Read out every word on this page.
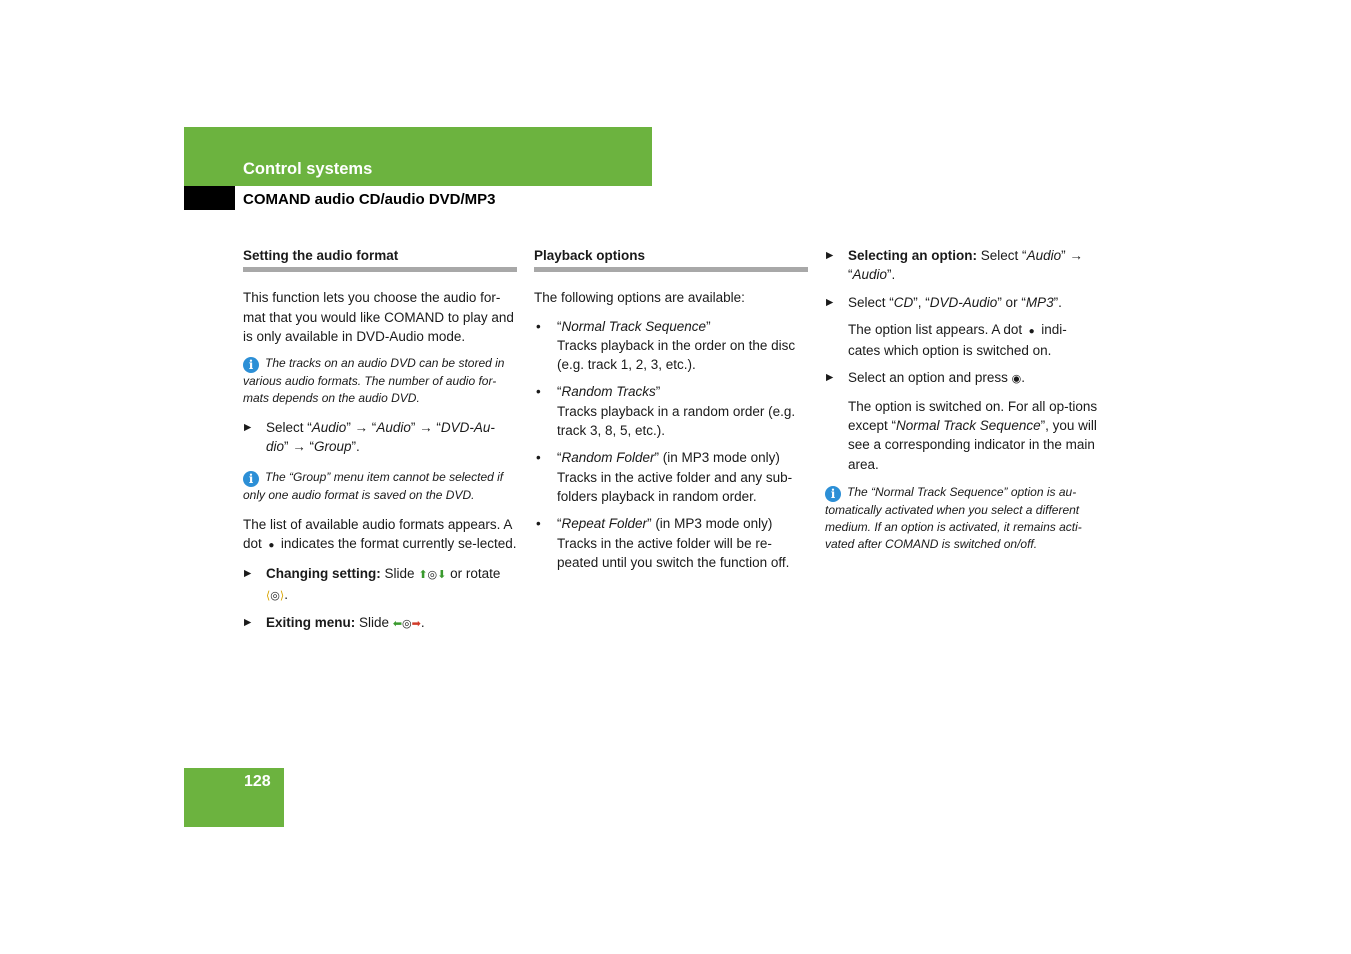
Control systems
COMAND audio CD/audio DVD/MP3
Setting the audio format

This function lets you choose the audio for-mat that you would like COMAND to play and is only available in DVD-Audio mode.

i The tracks on an audio DVD can be stored in various audio formats. The number of audio for-mats depends on the audio DVD.

▶ Select “Audio” → “Audio” → “DVD-Au-dio” → “Group”.

i The “Group” menu item cannot be selected if only one audio format is saved on the DVD.

The list of available audio formats appears. A dot  ●  indicates the format currently se-lected.

▶ Changing setting: Slide ⬆◎⬇ or rotate ⟨◎⟩.
▶ Exiting menu: Slide ⬅◎➡.
Playback options

The following options are available:

• “Normal Track Sequence”
Tracks playback in the order on the disc (e.g. track 1, 2, 3, etc.).
• “Random Tracks”
Tracks playback in a random order (e.g. track 3, 8, 5, etc.).
• “Random Folder” (in MP3 mode only)
Tracks in the active folder and any sub-folders playback in random order.
• “Repeat Folder” (in MP3 mode only)
Tracks in the active folder will be re-peated until you switch the function off.
▶ Selecting an option: Select “Audio” → “Audio”.
▶ Select “CD”, “DVD-Audio” or “MP3”.

The option list appears. A dot  ●  indi-cates which option is switched on.

▶ Select an option and press ◉.

The option is switched on. For all op-tions except “Normal Track Sequence”, you will see a corresponding indicator in the main area.

i The “Normal Track Sequence” option is au-tomatically activated when you select a different medium. If an option is activated, it remains acti-vated after COMAND is switched on/off.

128
